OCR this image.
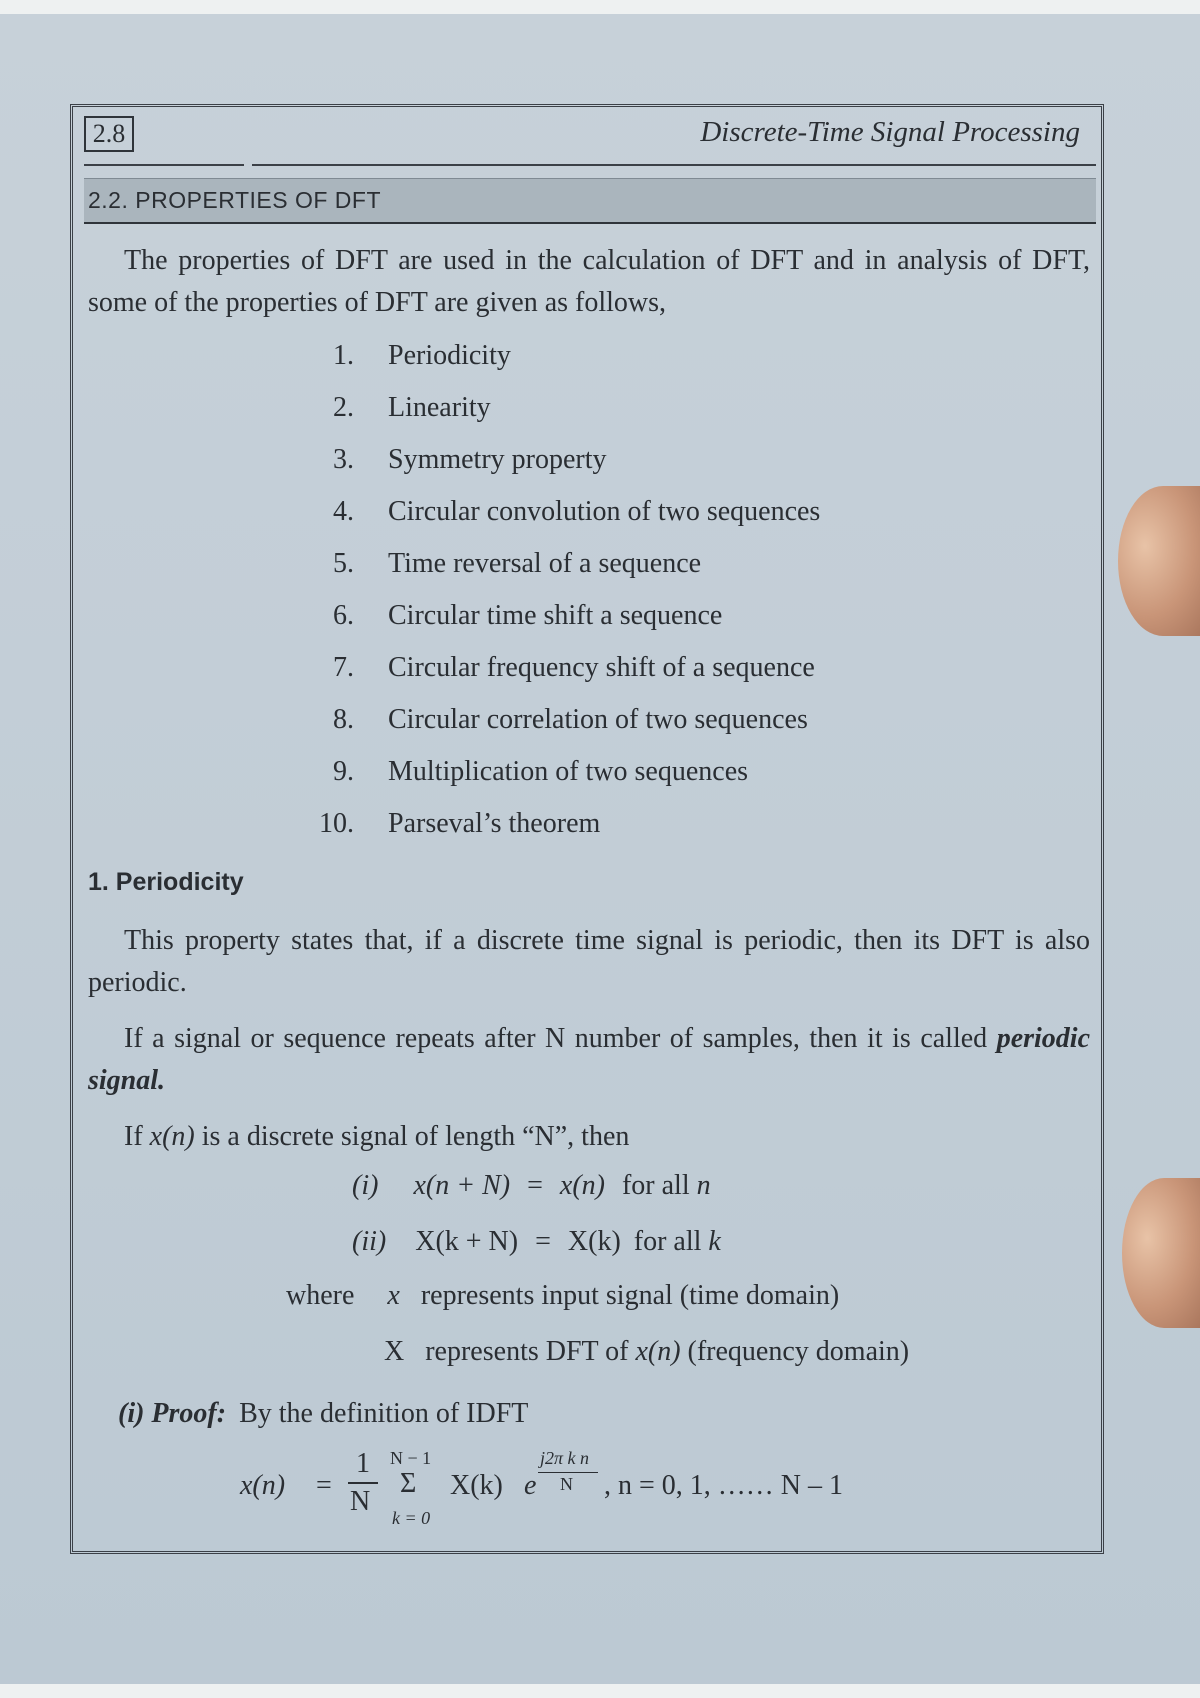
2.8	Discrete-Time Signal Processing
2.2. PROPERTIES OF DFT
The properties of DFT are used in the calculation of DFT and in analysis of DFT, some of the properties of DFT are given as follows,
1. Periodicity
2. Linearity
3. Symmetry property
4. Circular convolution of two sequences
5. Time reversal of a sequence
6. Circular time shift a sequence
7. Circular frequency shift of a sequence
8. Circular correlation of two sequences
9. Multiplication of two sequences
10. Parseval’s theorem
1. Periodicity
This property states that, if a discrete time signal is periodic, then its DFT is also periodic.
If a signal or sequence repeats after N number of samples, then it is called periodic signal.
If x(n) is a discrete signal of length “N”, then
(i) x(n + N) = x(n) for all n
(ii) X(k + N) = X(k) for all k
where x represents input signal (time domain)
X represents DFT of x(n) (frequency domain)
(i) Proof: By the definition of IDFT
x(n) =
1
N
N − 1
Σ
k = 0
X(k) e
j2π k n
N , n = 0, 1, …… N – 1
